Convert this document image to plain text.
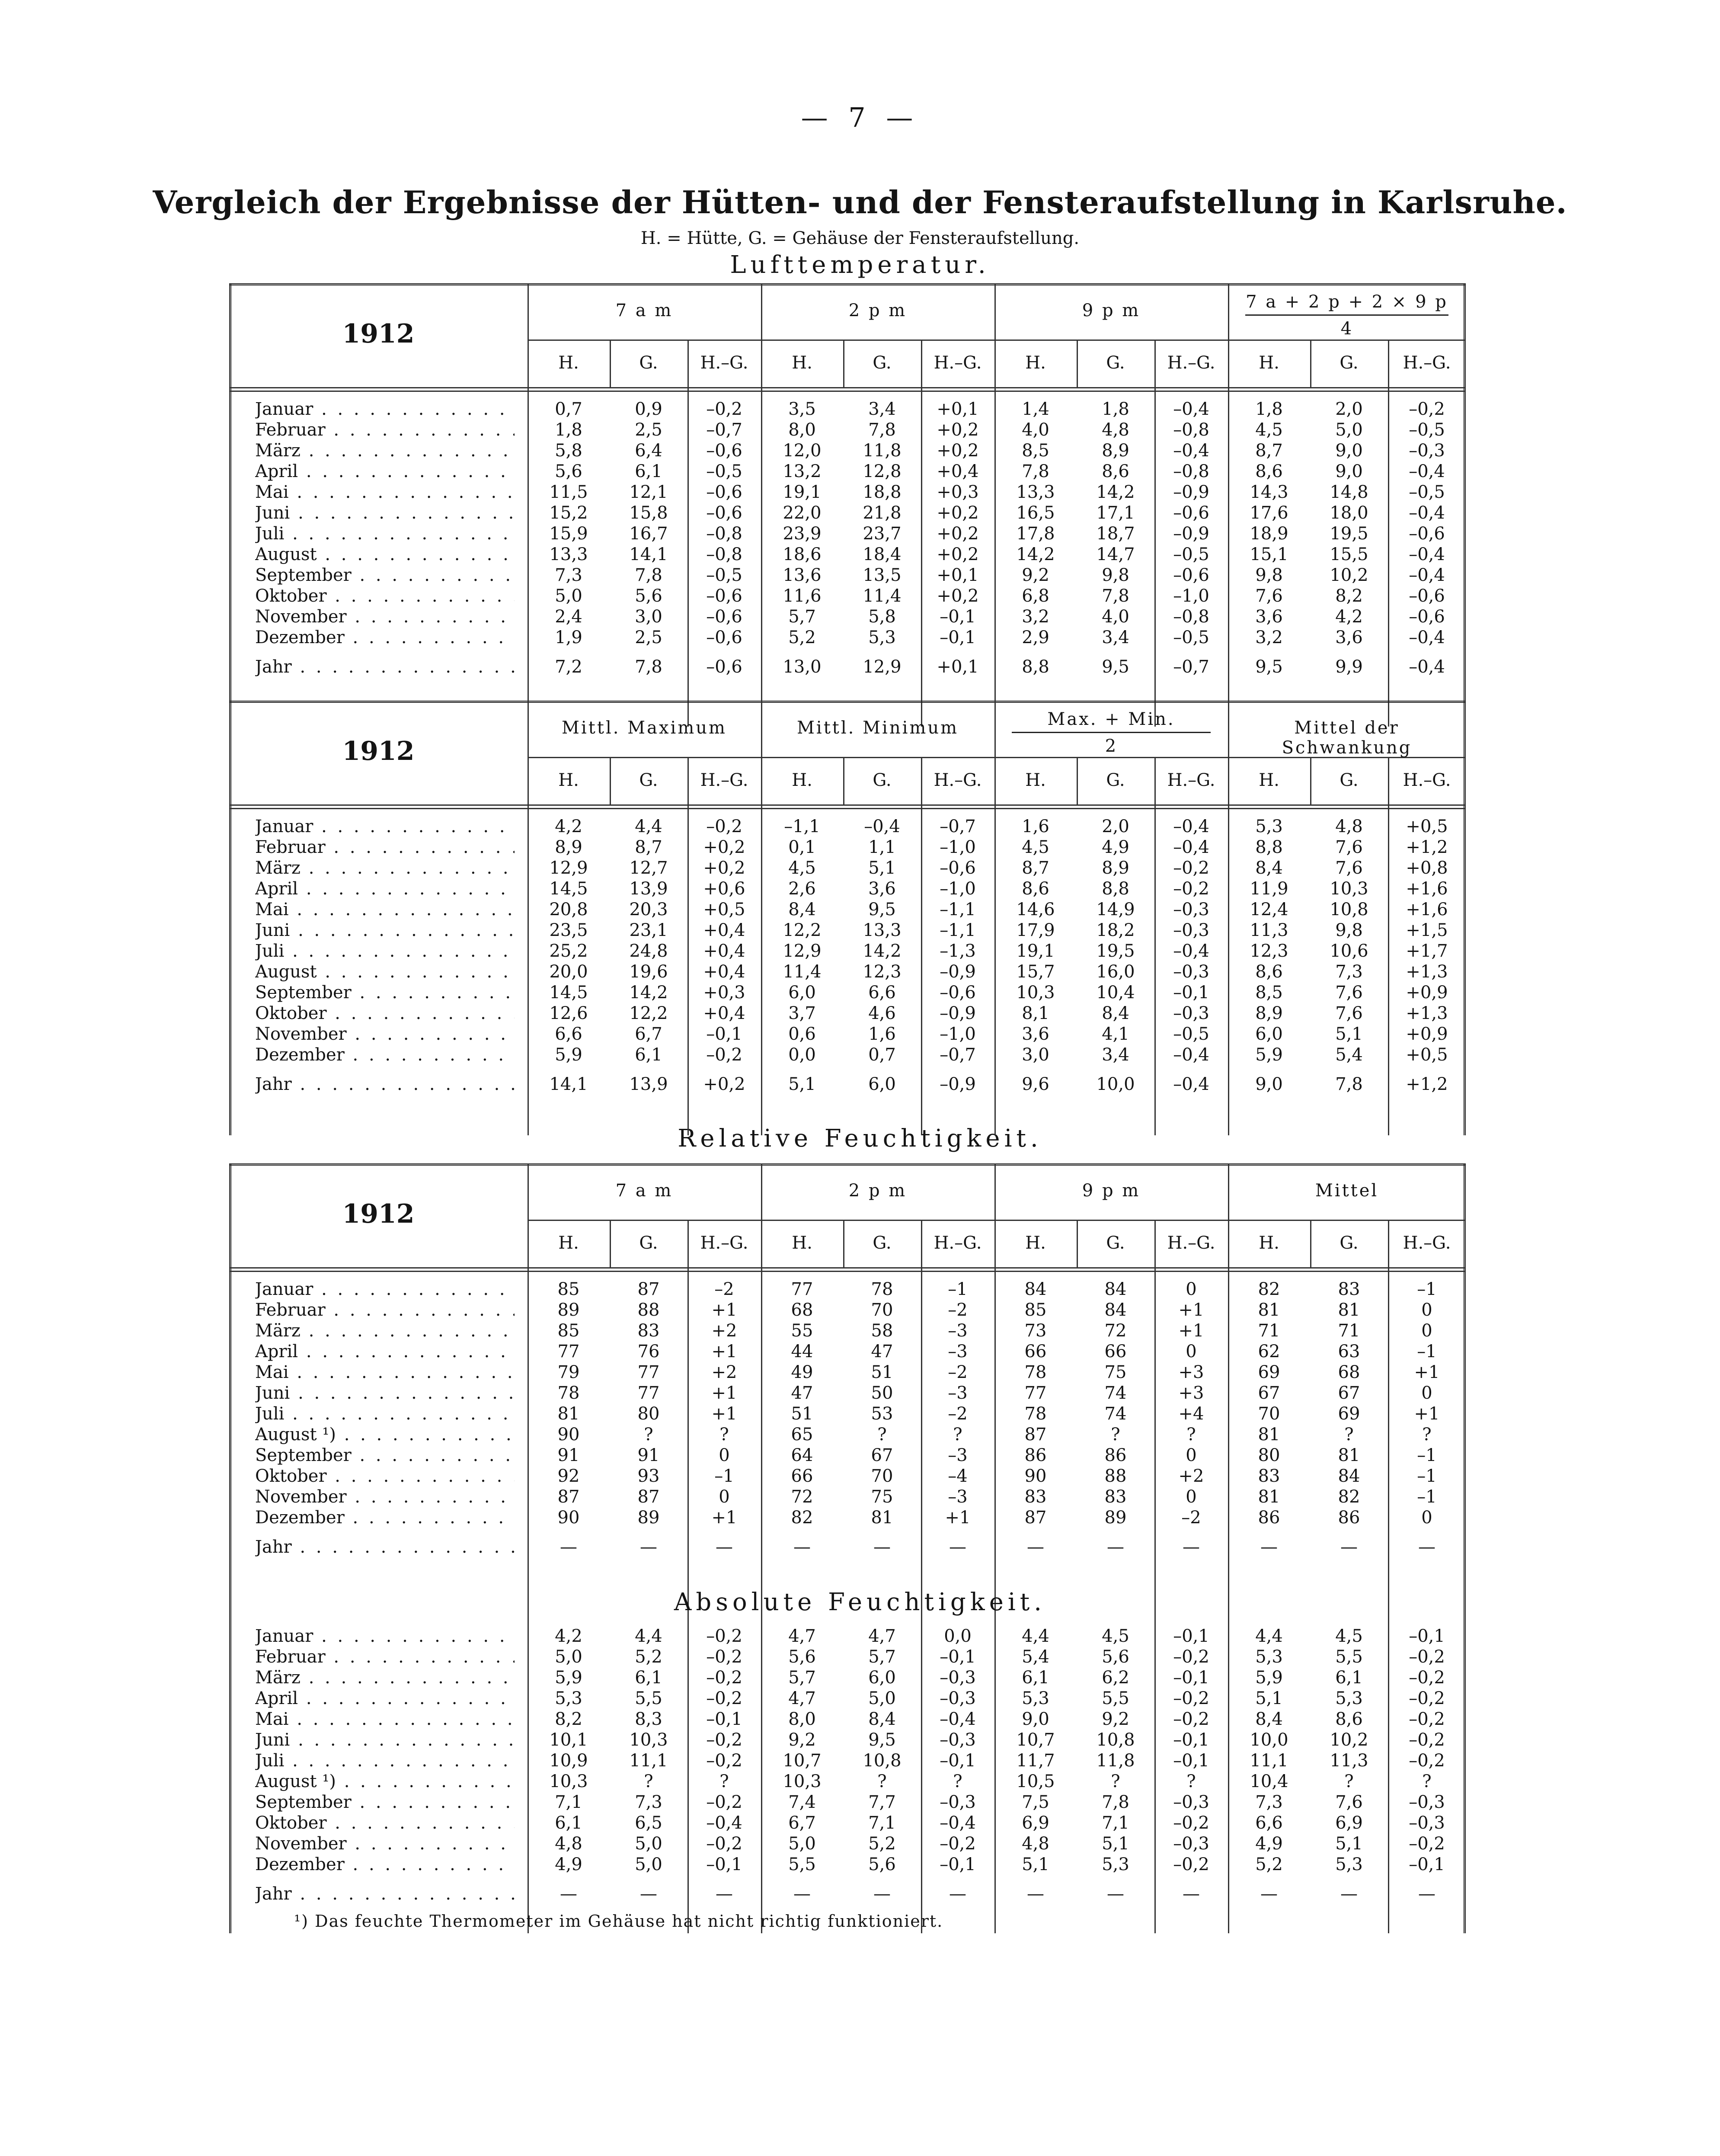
— 7 —
Vergleich der Ergebnisse der Hütten- und der Fensteraufstellung in Karlsruhe.
H. = Hütte, G. = Gehäuse der Fensteraufstellung.
Lufttemperatur.
Relative Feuchtigkeit.
1912
7 a m
H.	G.	H.–G.
2 p m
H.	G.	H.–G.
9 p m
H.	G.	H.–G.
7 a + 2 p + 2 × 9 p
4
H.	G.	H.–G.
Januar . . .	0,7	0,9	–0,2	3,5	3,4	+0,1	1,4	1,8	–0,4	1,8	2,0	–0,2
Februar . . .	1,8	2,5	–0,7	8,0	7,8	+0,2	4,0	4,8	–0,8	4,5	5,0	–0,5
März . . .	5,8	6,4	–0,6	12,0	11,8	+0,2	8,5	8,9	–0,4	8,7	9,0	–0,3
April . . .	5,6	6,1	–0,5	13,2	12,8	+0,4	7,8	8,6	–0,8	8,6	9,0	–0,4
Mai . . .	11,5	12,1	–0,6	19,1	18,8	+0,3	13,3	14,2	–0,9	14,3	14,8	–0,5
Juni . . .	15,2	15,8	–0,6	22,0	21,8	+0,2	16,5	17,1	–0,6	17,6	18,0	–0,4
Juli . . .	15,9	16,7	–0,8	23,9	23,7	+0,2	17,8	18,7	–0,9	18,9	19,5	–0,6
August . . .	13,3	14,1	–0,8	18,6	18,4	+0,2	14,2	14,7	–0,5	15,1	15,5	–0,4
September . . .	7,3	7,8	–0,5	13,6	13,5	+0,1	9,2	9,8	–0,6	9,8	10,2	–0,4
Oktober . . .	5,0	5,6	–0,6	11,6	11,4	+0,2	6,8	7,8	–1,0	7,6	8,2	–0,6
November . . .	2,4	3,0	–0,6	5,7	5,8	–0,1	3,2	4,0	–0,8	3,6	4,2	–0,6
Dezember . . .	1,9	2,5	–0,6	5,2	5,3	–0,1	2,9	3,4	–0,5	3,2	3,6	–0,4
Jahr . . .	7,2	7,8	–0,6	13,0	12,9	+0,1	8,8	9,5	–0,7	9,5	9,9	–0,4
1912
Mittl. Maximum
H.	G.	H.–G.
Mittl. Minimum
H.	G.	H.–G.
Max. + Min.
2
H.	G.	H.–G.
Mittel der Schwankung
H.	G.	H.–G.
Januar . . .	4,2	4,4	–0,2	–1,1	–0,4	–0,7	1,6	2,0	–0,4	5,3	4,8	+0,5
Februar . . .	8,9	8,7	+0,2	0,1	1,1	–1,0	4,5	4,9	–0,4	8,8	7,6	+1,2
März . . .	12,9	12,7	+0,2	4,5	5,1	–0,6	8,7	8,9	–0,2	8,4	7,6	+0,8
April . . .	14,5	13,9	+0,6	2,6	3,6	–1,0	8,6	8,8	–0,2	11,9	10,3	+1,6
Mai . . .	20,8	20,3	+0,5	8,4	9,5	–1,1	14,6	14,9	–0,3	12,4	10,8	+1,6
Juni . . .	23,5	23,1	+0,4	12,2	13,3	–1,1	17,9	18,2	–0,3	11,3	9,8	+1,5
Juli . . .	25,2	24,8	+0,4	12,9	14,2	–1,3	19,1	19,5	–0,4	12,3	10,6	+1,7
August . . .	20,0	19,6	+0,4	11,4	12,3	–0,9	15,7	16,0	–0,3	8,6	7,3	+1,3
September . . .	14,5	14,2	+0,3	6,0	6,6	–0,6	10,3	10,4	–0,1	8,5	7,6	+0,9
Oktober . . .	12,6	12,2	+0,4	3,7	4,6	–0,9	8,1	8,4	–0,3	8,9	7,6	+1,3
November . . .	6,6	6,7	–0,1	0,6	1,6	–1,0	3,6	4,1	–0,5	6,0	5,1	+0,9
Dezember . . .	5,9	6,1	–0,2	0,0	0,7	–0,7	3,0	3,4	–0,4	5,9	5,4	+0,5
Jahr . . .	14,1	13,9	+0,2	5,1	6,0	–0,9	9,6	10,0	–0,4	9,0	7,8	+1,2
1912
7 a m
H.	G.	H.–G.
2 p m
H.	G.	H.–G.
9 p m
H.	G.	H.–G.
Mittel
H.	G.	H.–G.
Januar . . .	85	87	–2	77	78	–1	84	84	0	82	83	–1
Februar . . .	89	88	+1	68	70	–2	85	84	+1	81	81	0
März . . .	85	83	+2	55	58	–3	73	72	+1	71	71	0
April . . .	77	76	+1	44	47	–3	66	66	0	62	63	–1
Mai . . .	79	77	+2	49	51	–2	78	75	+3	69	68	+1
Juni . . .	78	77	+1	47	50	–3	77	74	+3	67	67	0
Juli . . .	81	80	+1	51	53	–2	78	74	+4	70	69	+1
August ¹) . . .	90	?	?	65	?	?	87	?	?	81	?	?
September . . .	91	91	0	64	67	–3	86	86	0	80	81	–1
Oktober . . .	92	93	–1	66	70	–4	90	88	+2	83	84	–1
November . . .	87	87	0	72	75	–3	83	83	0	81	82	–1
Dezember . . .	90	89	+1	82	81	+1	87	89	–2	86	86	0
Jahr . . .	—	—	—	—	—	—	—	—	—	—	—	—
Januar . . .	4,2	4,4	–0,2	4,7	4,7	0,0	4,4	4,5	–0,1	4,4	4,5	–0,1
Februar . . .	5,0	5,2	–0,2	5,6	5,7	–0,1	5,4	5,6	–0,2	5,3	5,5	–0,2
März . . .	5,9	6,1	–0,2	5,7	6,0	–0,3	6,1	6,2	–0,1	5,9	6,1	–0,2
April . . .	5,3	5,5	–0,2	4,7	5,0	–0,3	5,3	5,5	–0,2	5,1	5,3	–0,2
Mai . . .	8,2	8,3	–0,1	8,0	8,4	–0,4	9,0	9,2	–0,2	8,4	8,6	–0,2
Juni . . .	10,1	10,3	–0,2	9,2	9,5	–0,3	10,7	10,8	–0,1	10,0	10,2	–0,2
Juli . . .	10,9	11,1	–0,2	10,7	10,8	–0,1	11,7	11,8	–0,1	11,1	11,3	–0,2
August ¹) . . .	10,3	?	?	10,3	?	?	10,5	?	?	10,4	?	?
September . . .	7,1	7,3	–0,2	7,4	7,7	–0,3	7,5	7,8	–0,3	7,3	7,6	–0,3
Oktober . . .	6,1	6,5	–0,4	6,7	7,1	–0,4	6,9	7,1	–0,2	6,6	6,9	–0,3
November . . .	4,8	5,0	–0,2	5,0	5,2	–0,2	4,8	5,1	–0,3	4,9	5,1	–0,2
Dezember . . .	4,9	5,0	–0,1	5,5	5,6	–0,1	5,1	5,3	–0,2	5,2	5,3	–0,1
Jahr . . .	—	—	—	—	—	—	—	—	—	—	—	—
Absolute Feuchtigkeit.
¹) Das feuchte Thermometer im Gehäuse hat nicht richtig funktioniert.
